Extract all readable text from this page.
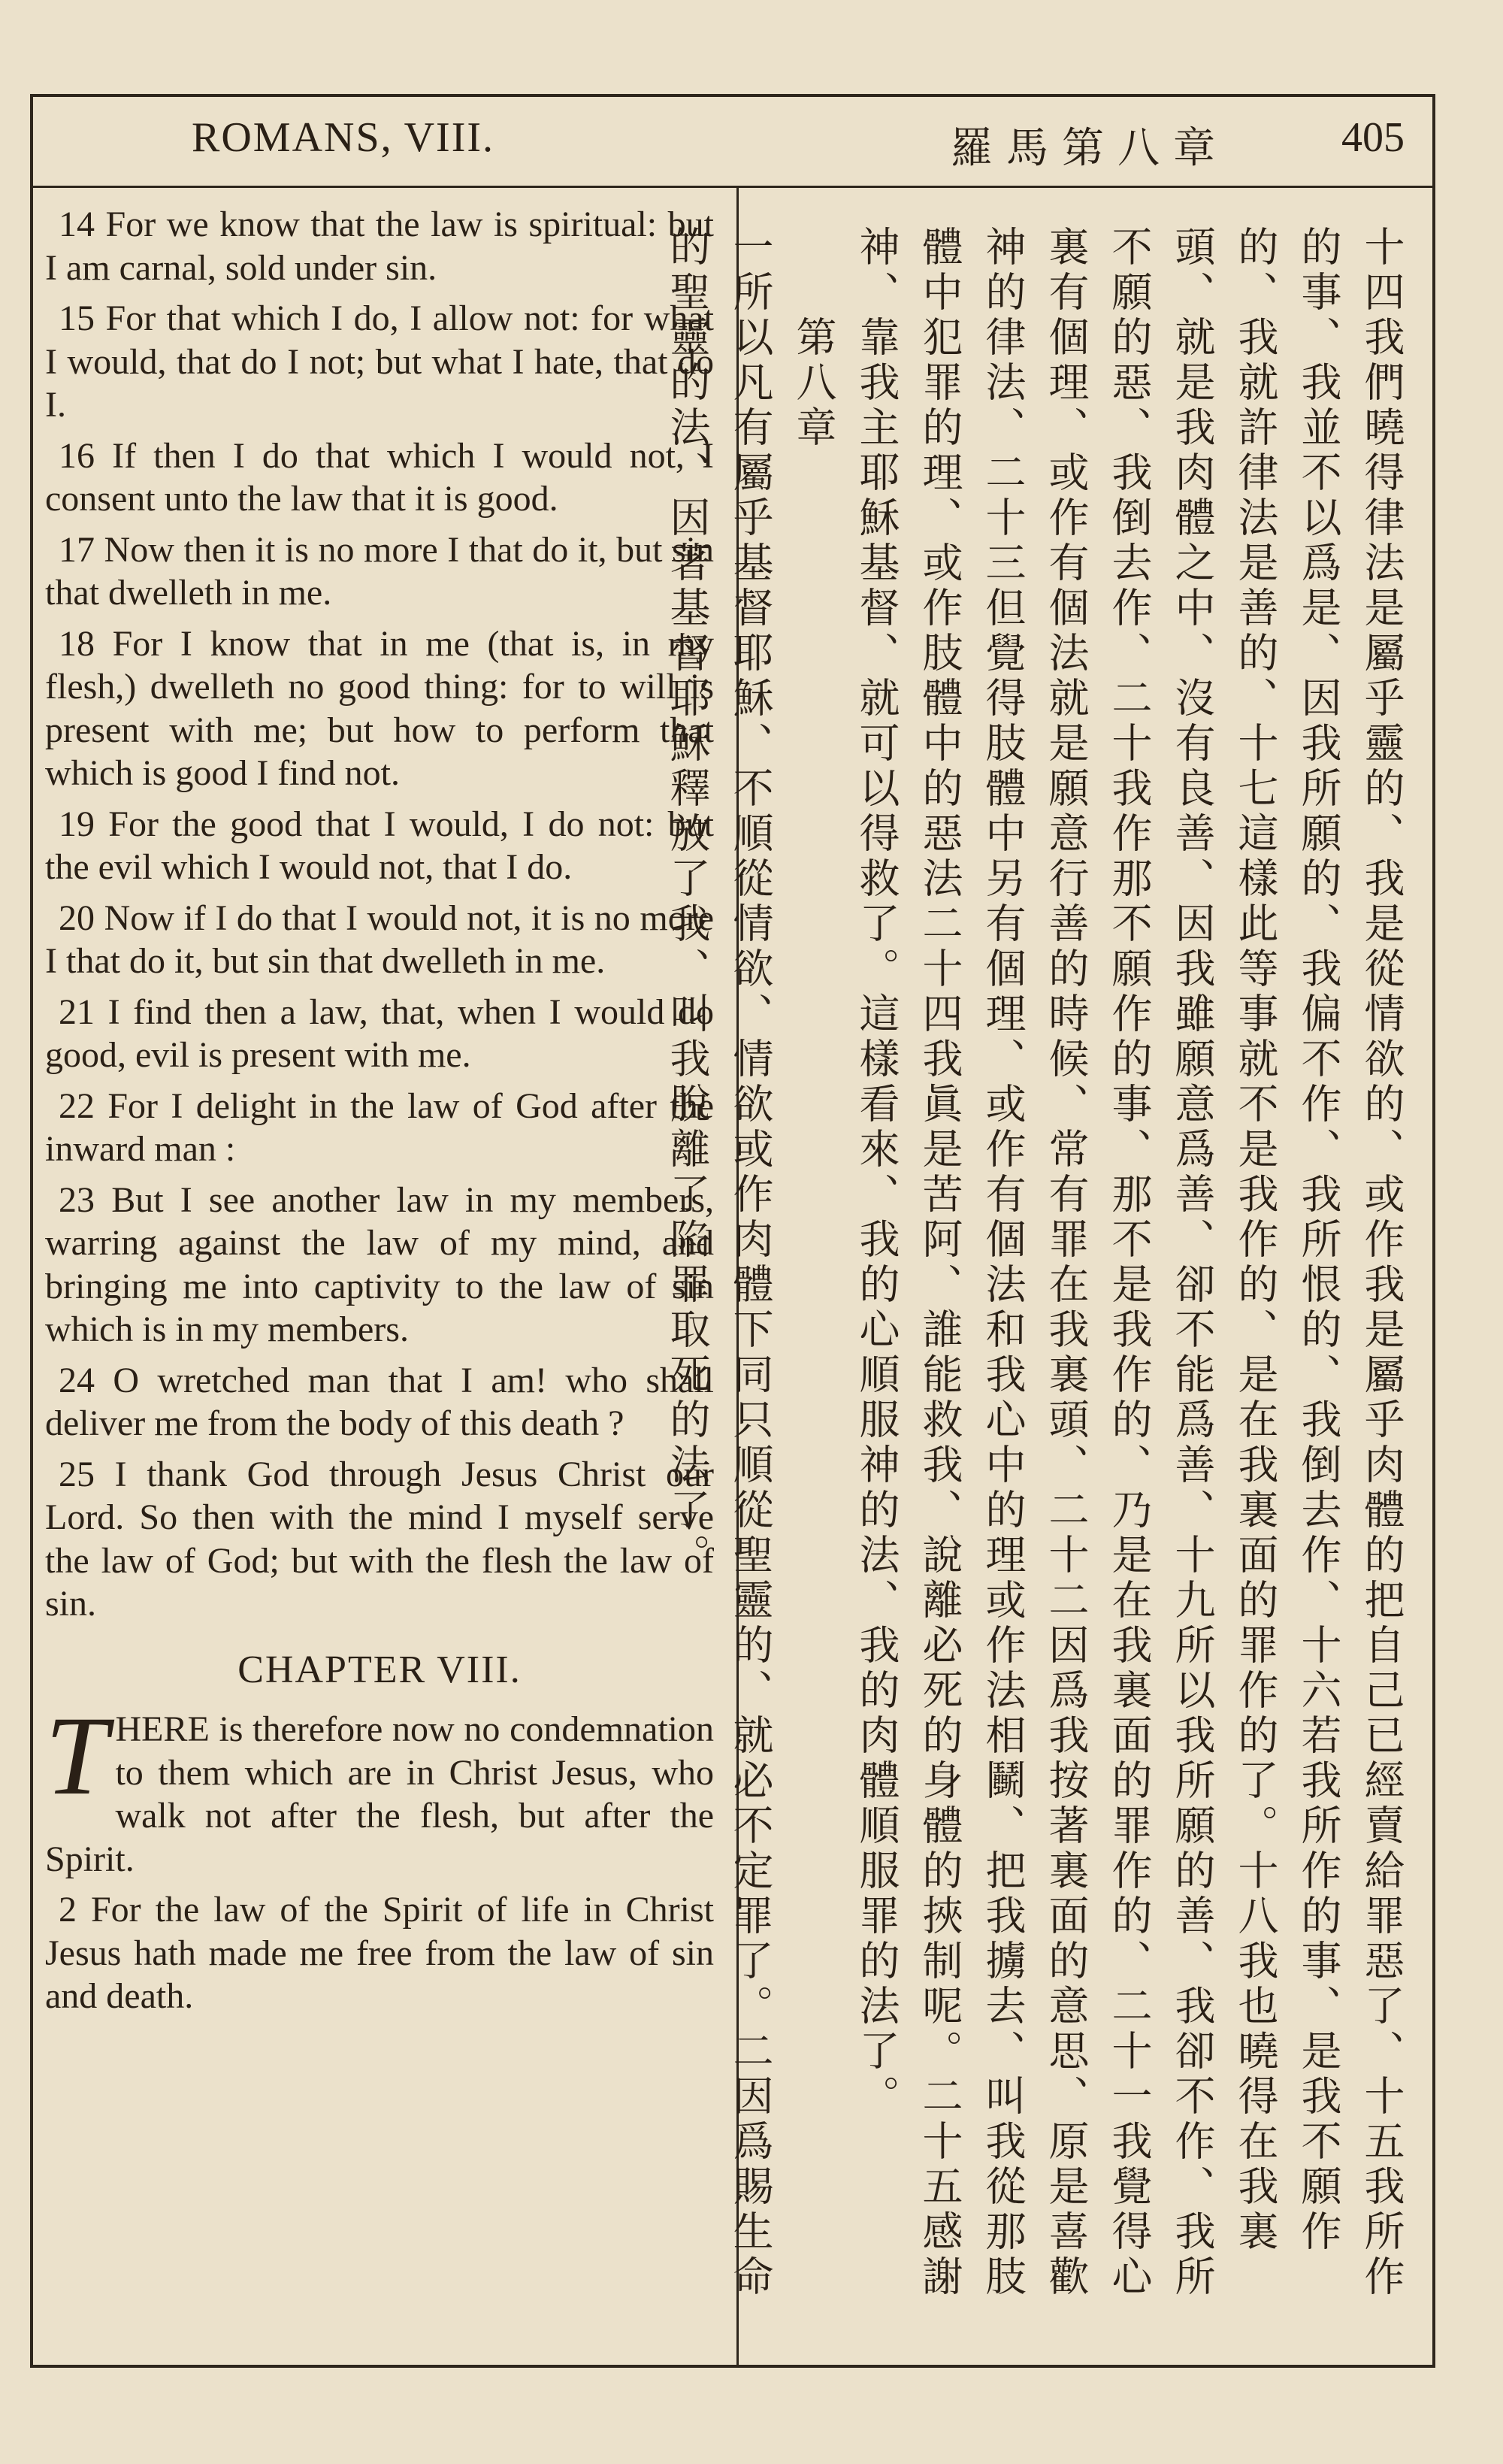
ROMANS, VIII.	羅馬第八章	405

14 For we know that the law is spiritual: but I am carnal, sold under sin.

15 For that which I do, I allow not: for what I would, that do I not; but what I hate, that do I.

16 If then I do that which I would not, I consent unto the law that it is good.

17 Now then it is no more I that do it, but sin that dwelleth in me.

18 For I know that in me (that is, in my flesh,) dwelleth no good thing: for to will is present with me; but how to perform that which is good I find not.

19 For the good that I would, I do not: but the evil which I would not, that I do.

20 Now if I do that I would not, it is no more I that do it, but sin that dwelleth in me.

21 I find then a law, that, when I would do good, evil is present with me.

22 For I delight in the law of God after the inward man :

23 But I see another law in my members, warring against the law of my mind, and bringing me into captivity to the law of sin which is in my members.

24 O wretched man that I am! who shall deliver me from the body of this death ?

25 I thank God through Jesus Christ our Lord. So then with the mind I myself serve the law of God; but with the flesh the law of sin.

CHAPTER VIII.

THERE is therefore now no condemnation to them which are in Christ Jesus, who walk not after the flesh, but after the Spirit.

2 For the law of the Spirit of life in Christ Jesus hath made me free from the law of sin and death.	十四我們曉得律法是屬乎靈的、我是從情欲的、或作我是屬乎肉體的把自己已經賣給罪惡了、十五我所作的事、我並不以爲是、因我所願的、我偏不作、我所恨的、我倒去作、十六若我所作的事、是我不願作的、我就許律法是善的、十七這樣此等事就不是我作的、是在我裏面的罪作的了。十八我也曉得在我裏頭、就是我肉體之中、沒有良善、因我雖願意爲善、卻不能爲善、十九所以我所願的善、我卻不作、我所不願的惡、我倒去作、二十我作那不願作的事、那不是我作的、乃是在我裏面的罪作的、二十一我覺得心裏有個理、或作有個法就是願意行善的時候、常有罪在我裏頭、二十二因爲我按著裏面的意思、原是喜歡神的律法、二十三但覺得肢體中另有個理、或作有個法和我心中的理或作法相鬭、把我擄去、叫我從那肢體中犯罪的理、或作肢體中的惡法二十四我眞是苦阿、誰能救我、說離必死的身體的挾制呢。二十五感謝神、靠我主耶穌基督、就可以得救了。這樣看來、我的心順服神的法、我的肉體順服罪的法了。

第八章

一所以凡有屬乎基督耶穌、不順從情欲、情欲或作肉體下同只順從聖靈的、就必不定罪了。二因爲賜生命的聖靈的法、因著基督耶穌釋放了我、叫我脫離了陷罪取死的法了。
